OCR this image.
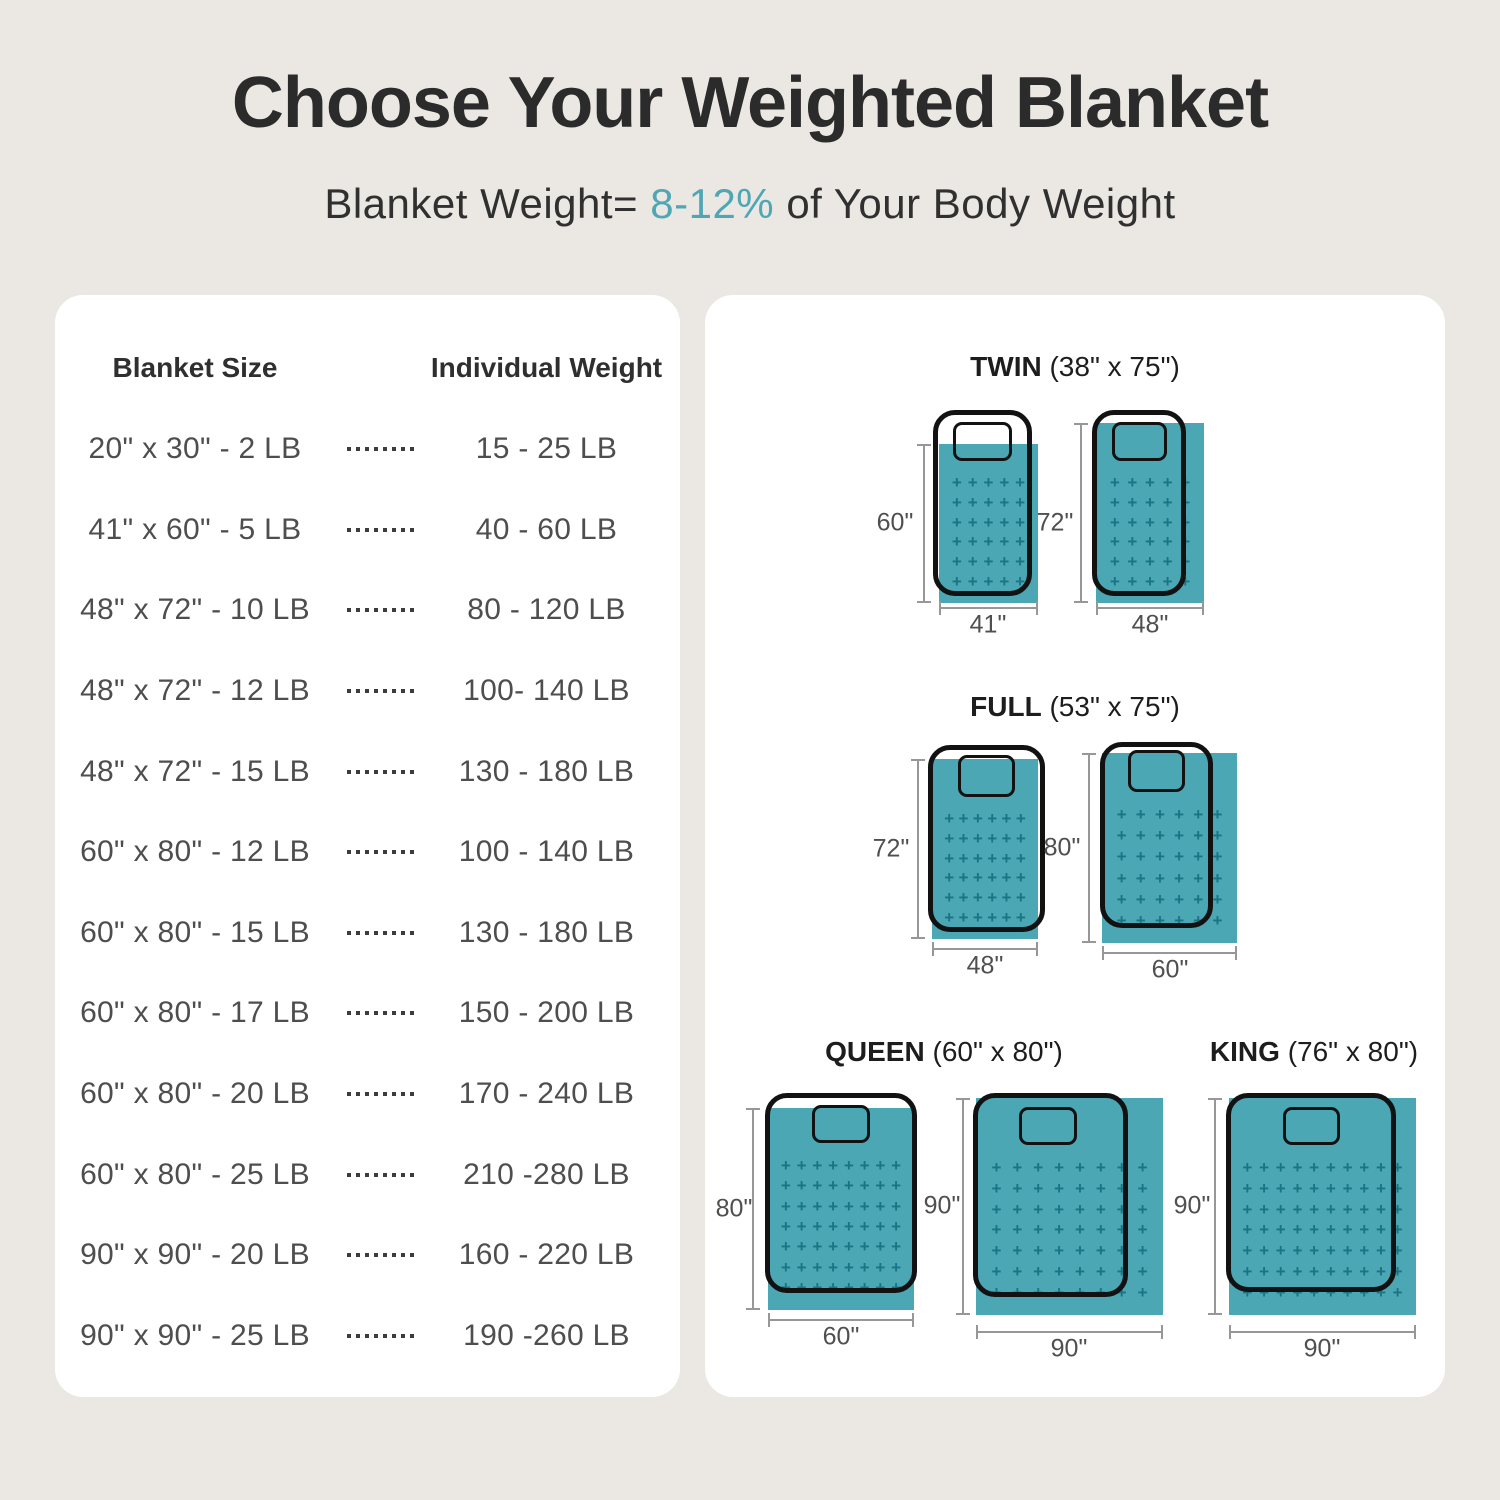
Choose Your Weighted Blanket

Blanket Weight= 8-12% of Your Body Weight

Blanket Size	Individual Weight
20" x 30" - 2 LB	15 - 25 LB
41" x 60" - 5 LB	40 - 60 LB
48" x 72" - 10 LB	80 - 120 LB
48" x 72" - 12 LB	100- 140 LB
48" x 72" - 15 LB	130 - 180 LB
60" x 80" - 12 LB	100 - 140 LB
60" x 80" - 15 LB	130 - 180 LB
60" x 80" - 17 LB	150 - 200 LB
60" x 80" - 20 LB	170 - 240 LB
60" x 80" - 25 LB	210 -280 LB
90" x 90" - 20 LB	160 - 220 LB
90" x 90" - 25 LB	190 -260 LB
TWIN (38" x 75")
FULL (53" x 75")
QUEEN (60" x 80")	KING (76" x 80")
+ + + + +
+ + + + +
+ + + + +
+ + + + +
+ + + + +
+ + + + +
60"
41"
+ + + + +
+ + + + +
+ + + + +
+ + + + +
+ + + + +
+ + + + +
72"
48"
+ + + + + +
+ + + + + +
+ + + + + +
+ + + + + +
+ + + + + +
+ + + + + +
72"
48"
+ + + + + +
+ + + + + +
+ + + + + +
+ + + + + +
+ + + + + +
+ + + + + +
80"
60"
+ + + + + + + +
+ + + + + + + +
+ + + + + + + +
+ + + + + + + +
+ + + + + + + +
+ + + + + + + +
+ + + + + + + +
80"
60"
+ + + + + + + +
+ + + + + + + +
+ + + + + + + +
+ + + + + + + +
+ + + + + + + +
+ + + + + + + +
+ + + + + + + +
90"
90"
+ + + + + + + + + +
+ + + + + + + + + +
+ + + + + + + + + +
+ + + + + + + + + +
+ + + + + + + + + +
+ + + + + + + + + +
+ + + + + + + + + +
90"
90"
